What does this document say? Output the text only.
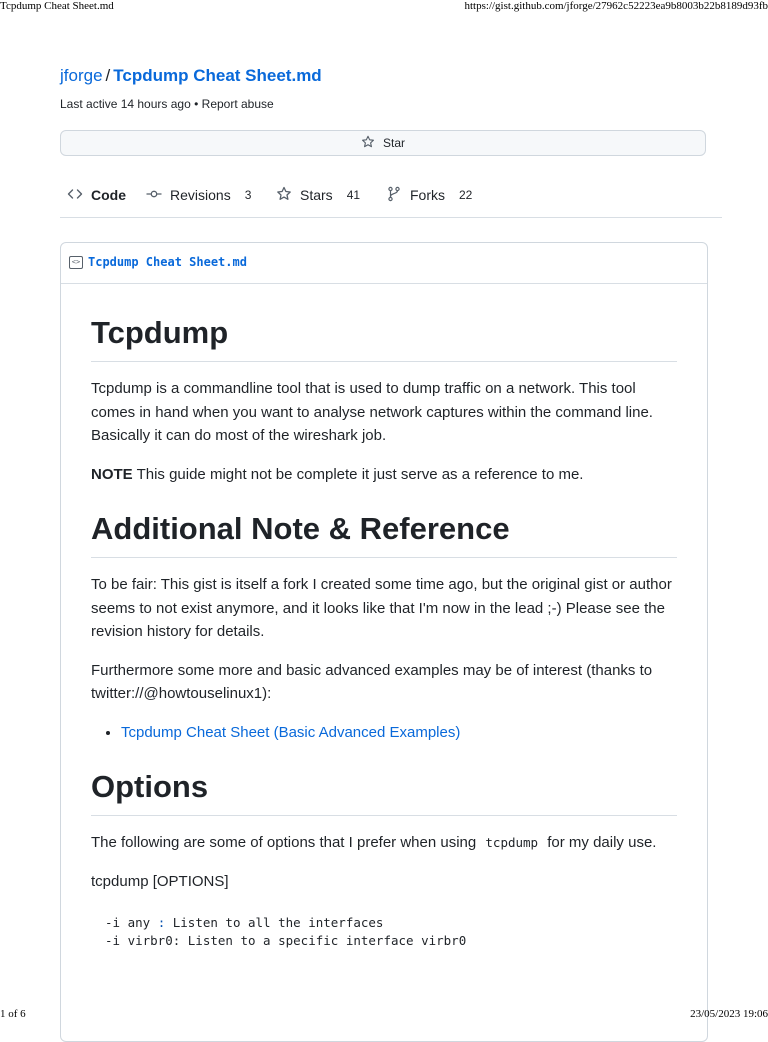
Tcpdump Cheat Sheet.md	https://gist.github.com/jforge/27962c52223ea9b8003b22b8189d93fb
jforge / Tcpdump Cheat Sheet.md
Last active 14 hours ago • Report abuse
Star
Code	Revisions 3	Stars 41	Forks 22
<> Tcpdump Cheat Sheet.md
Tcpdump

Tcpdump is a commandline tool that is used to dump traffic on a network. This tool comes in hand when you want to analyse network captures within the command line. Basically it can do most of the wireshark job.

NOTE This guide might not be complete it just serve as a reference to me.

Additional Note & Reference

To be fair: This gist is itself a fork I created some time ago, but the original gist or author seems to not exist anymore, and it looks like that I'm now in the lead ;-) Please see the revision history for details.

Furthermore some more and basic advanced examples may be of interest (thanks to twitter://@howtouselinux1):

• Tcpdump Cheat Sheet (Basic Advanced Examples)
Options

The following are some of options that I prefer when using tcpdump for my daily use.

tcpdump [OPTIONS]

-i any : Listen to all the interfaces
-i virbr0: Listen to a specific interface virbr0
1 of 6	23/05/2023 19:06
